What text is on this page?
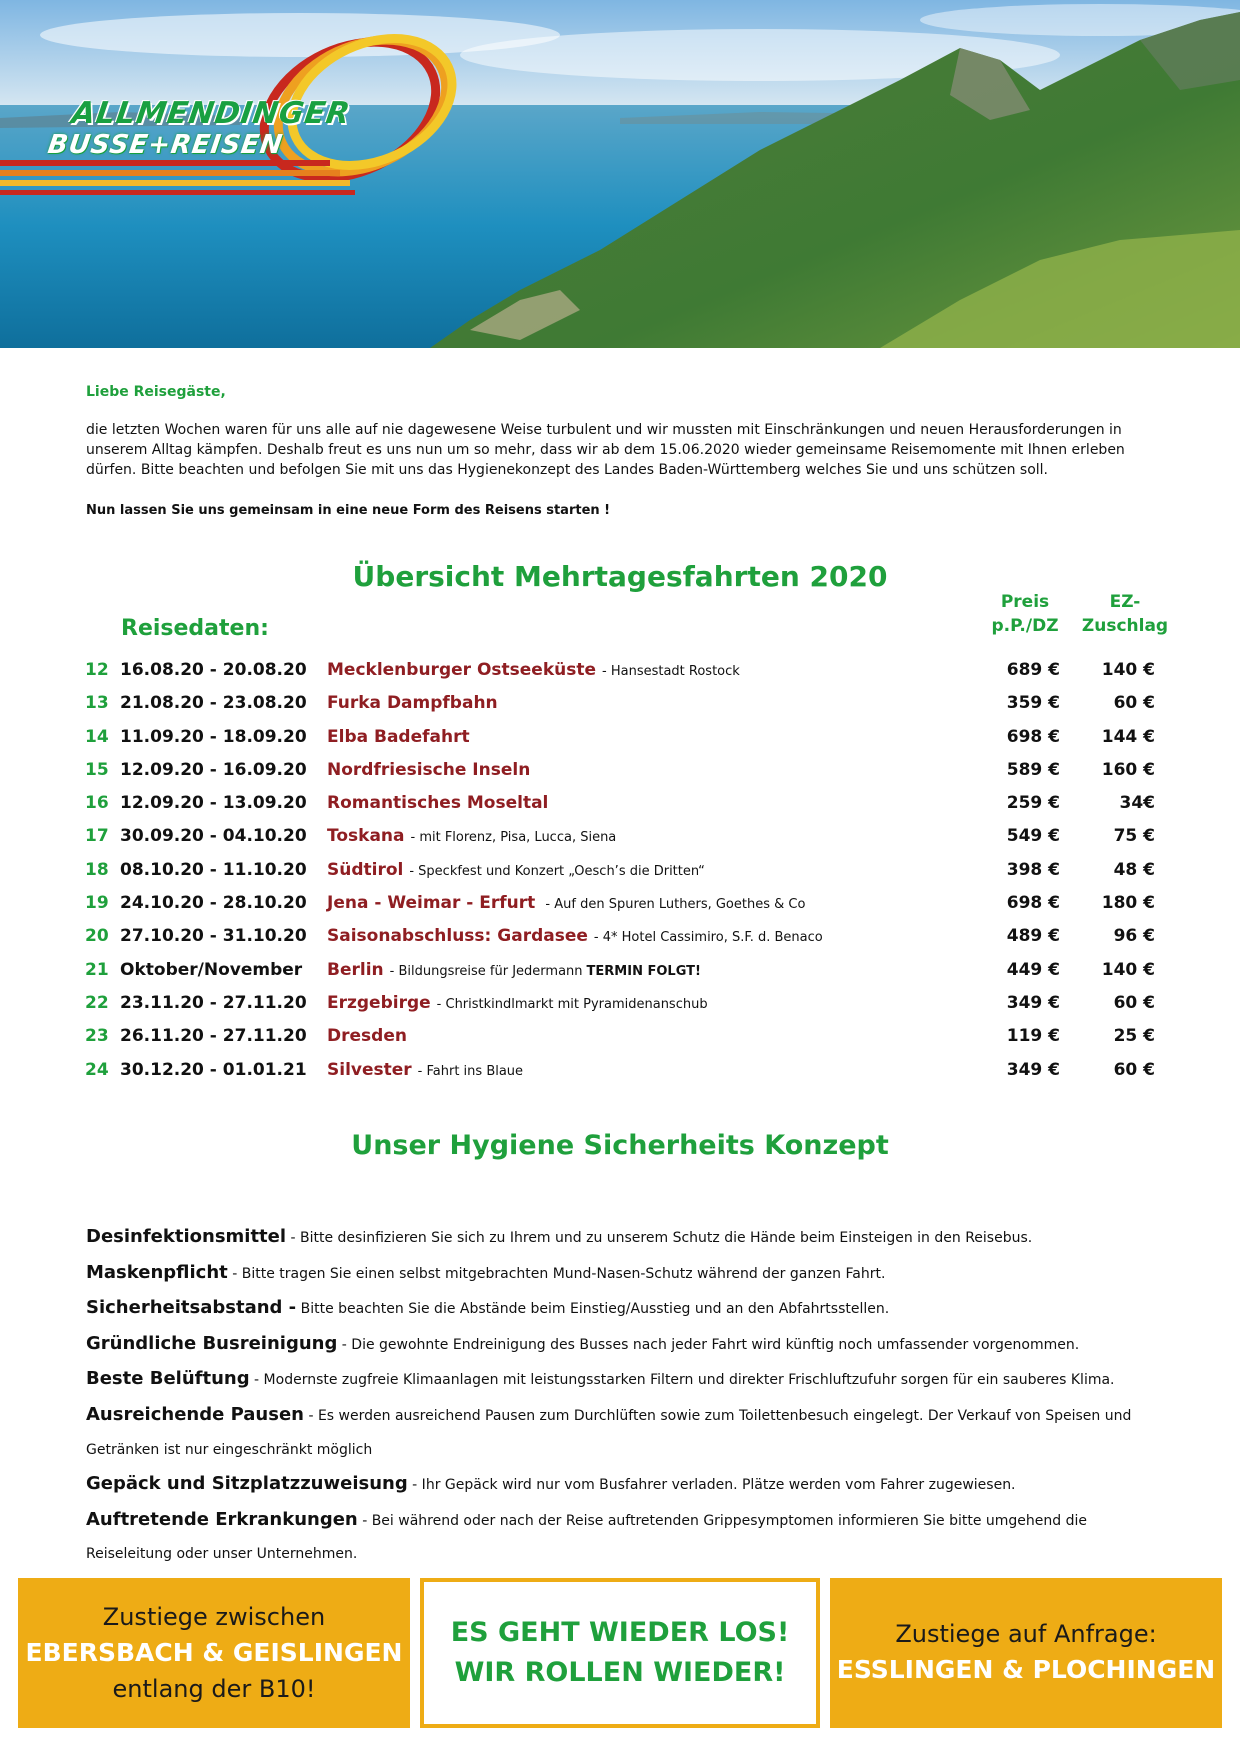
ALLMENDINGER
BUSSE+REISEN
Liebe Reisegäste,
die letzten Wochen waren für uns alle auf nie dagewesene Weise turbulent und wir mussten mit Einschränkungen und neuen Herausforderungen in unserem Alltag kämpfen. Deshalb freut es uns nun um so mehr, dass wir ab dem 15.06.2020 wieder gemeinsame Reisemomente mit Ihnen erleben dürfen. Bitte beachten und befolgen Sie mit uns das Hygienekonzept des Landes Baden-Württemberg welches Sie und uns schützen soll.
Nun lassen Sie uns gemeinsam in eine neue Form des Reisens starten !
Übersicht Mehrtagesfahrten 2020
Reisedaten:
Preis
p.P./DZ
EZ-
Zuschlag
12 16.08.20 - 20.08.20 Mecklenburger Ostseeküste - Hansestadt Rostock	689 €	140 €
13 21.08.20 - 23.08.20 Furka Dampfbahn	359 €	60 €
14 11.09.20 - 18.09.20 Elba Badefahrt	698 €	144 €
15 12.09.20 - 16.09.20 Nordfriesische Inseln	589 €	160 €
16 12.09.20 - 13.09.20 Romantisches Moseltal	259 €	34€
17 30.09.20 - 04.10.20 Toskana - mit Florenz, Pisa, Lucca, Siena	549 €	75 €
18 08.10.20 - 11.10.20 Südtirol - Speckfest und Konzert „Oesch’s die Dritten“	398 €	48 €
19 24.10.20 - 28.10.20 Jena - Weimar - Erfurt - Auf den Spuren Luthers, Goethes & Co	698 €	180 €
20 27.10.20 - 31.10.20 Saisonabschluss: Gardasee - 4* Hotel Cassimiro, S.F. d. Benaco	489 €	96 €
21 Oktober/November Berlin - Bildungsreise für Jedermann TERMIN FOLGT!	449 €	140 €
22 23.11.20 - 27.11.20 Erzgebirge - Christkindlmarkt mit Pyramidenanschub	349 €	60 €
23 26.11.20 - 27.11.20 Dresden	119 €	25 €
24 30.12.20 - 01.01.21 Silvester - Fahrt ins Blaue	349 €	60 €
Unser Hygiene Sicherheits Konzept

Desinfektionsmittel - Bitte desinfizieren Sie sich zu Ihrem und zu unserem Schutz die Hände beim Einsteigen in den Reisebus.

Maskenpflicht - Bitte tragen Sie einen selbst mitgebrachten Mund-Nasen-Schutz während der ganzen Fahrt.

Sicherheitsabstand - Bitte beachten Sie die Abstände beim Einstieg/Ausstieg und an den Abfahrtsstellen.

Gründliche Busreinigung - Die gewohnte Endreinigung des Busses nach jeder Fahrt wird künftig noch umfassender vorgenommen.

Beste Belüftung - Modernste zugfreie Klimaanlagen mit leistungsstarken Filtern und direkter Frischluftzufuhr sorgen für ein sauberes Klima.

Ausreichende Pausen - Es werden ausreichend Pausen zum Durchlüften sowie zum Toilettenbesuch eingelegt. Der Verkauf von Speisen und Getränken ist nur eingeschränkt möglich

Gepäck und Sitzplatzzuweisung - Ihr Gepäck wird nur vom Busfahrer verladen. Plätze werden vom Fahrer zugewiesen.

Auftretende Erkrankungen - Bei während oder nach der Reise auftretenden Grippesymptomen informieren Sie bitte umgehend die Reiseleitung oder unser Unternehmen.

Zustiege zwischen
EBERSBACH & GEISLINGEN
entlang der B10!
ES GEHT WIEDER LOS!
WIR ROLLEN WIEDER!
Zustiege auf Anfrage:
ESSLINGEN & PLOCHINGEN
